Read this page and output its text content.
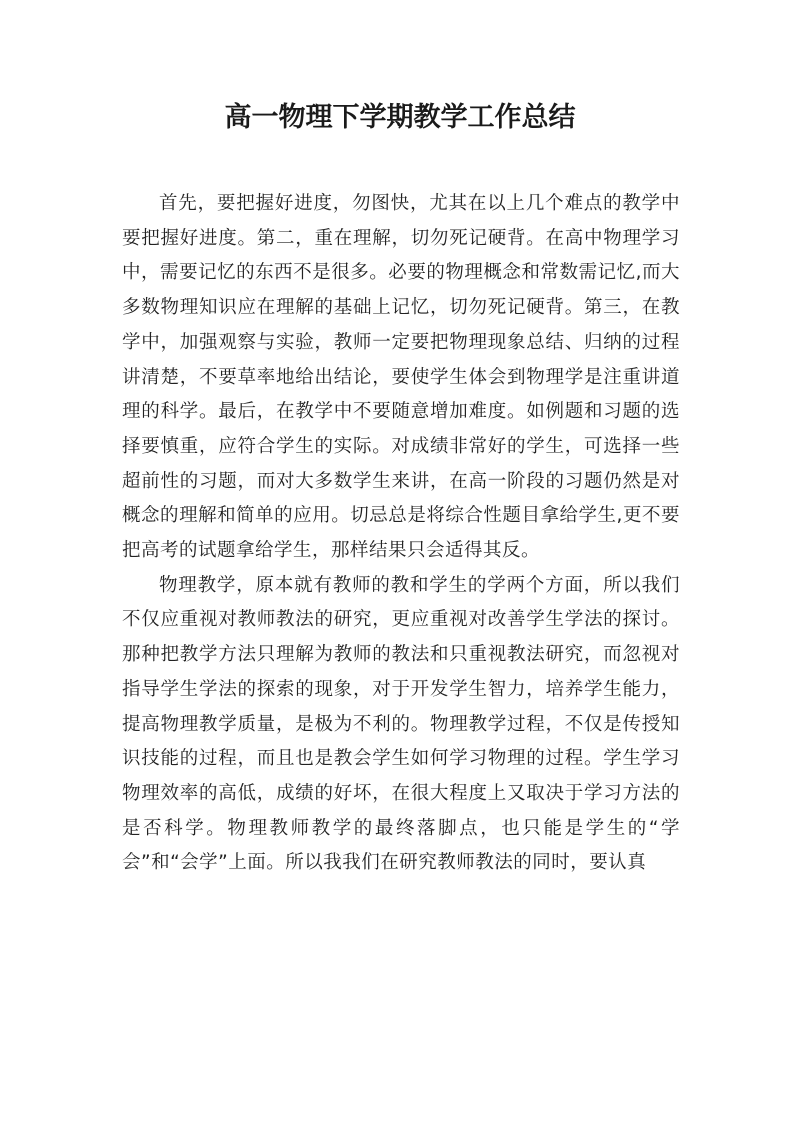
高一物理下学期教学工作总结

首先，要把握好进度，勿图快，尤其在以上几个难点的教学中要把握好进度。第二，重在理解，切勿死记硬背。在高中物理学习中，需要记忆的东西不是很多。必要的物理概念和常数需记忆,而大多数物理知识应在理解的基础上记忆，切勿死记硬背。第三，在教学中，加强观察与实验，教师一定要把物理现象总结、归纳的过程讲清楚，不要草率地给出结论，要使学生体会到物理学是注重讲道理的科学。最后，在教学中不要随意增加难度。如例题和习题的选择要慎重，应符合学生的实际。对成绩非常好的学生，可选择一些超前性的习题，而对大多数学生来讲，在高一阶段的习题仍然是对概念的理解和简单的应用。切忌总是将综合性题目拿给学生,更不要把高考的试题拿给学生，那样结果只会适得其反。

物理教学，原本就有教师的教和学生的学两个方面，所以我们不仅应重视对教师教法的研究，更应重视对改善学生学法的探讨。那种把教学方法只理解为教师的教法和只重视教法研究，而忽视对指导学生学法的探索的现象，对于开发学生智力，培养学生能力，提高物理教学质量，是极为不利的。物理教学过程，不仅是传授知识技能的过程，而且也是教会学生如何学习物理的过程。学生学习物理效率的高低，成绩的好坏，在很大程度上又取决于学习方法的是否科学。物理教师教学的最终落脚点，也只能是学生的“学会”和“会学”上面。所以我我们在研究教师教法的同时，要认真
